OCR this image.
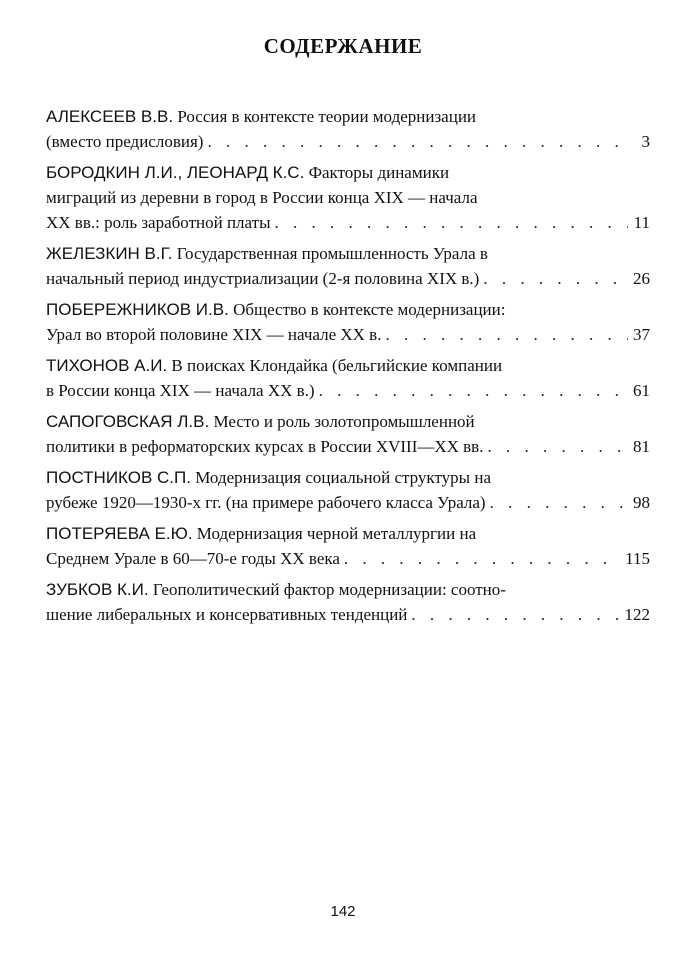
СОДЕРЖАНИЕ
АЛЕКСЕЕВ В.В. Россия в контексте теории модернизации
(вместо предисловия) . . .	3
БОРОДКИН Л.И., ЛЕОНАРД К.С. Факторы динамики
миграций из деревни в город в России конца XIX — начала
XX вв.: роль заработной платы . . .	11
ЖЕЛЕЗКИН В.Г. Государственная промышленность Урала в
начальный период индустриализации (2-я половина XIX в.) . . .	26
ПОБЕРЕЖНИКОВ И.В. Общество в контексте модернизации:
Урал во второй половине XIX — начале XX в. . . .	37
ТИХОНОВ А.И. В поисках Клондайка (бельгийские компании
в России конца XIX — начала XX в.) . . .	61
САПОГОВСКАЯ Л.В. Место и роль золотопромышленной
политики в реформаторских курсах в России XVIII—XX вв. . . .	81
ПОСТНИКОВ С.П. Модернизация социальной структуры на
рубеже 1920—1930-х гг. (на примере рабочего класса Урала) . . .	98
ПОТЕРЯЕВА Е.Ю. Модернизация черной металлургии на
Среднем Урале в 60—70-е годы XX века . . .	115
ЗУБКОВ К.И. Геополитический фактор модернизации: соотно-
шение либеральных и консервативных тенденций . . .	122
142
